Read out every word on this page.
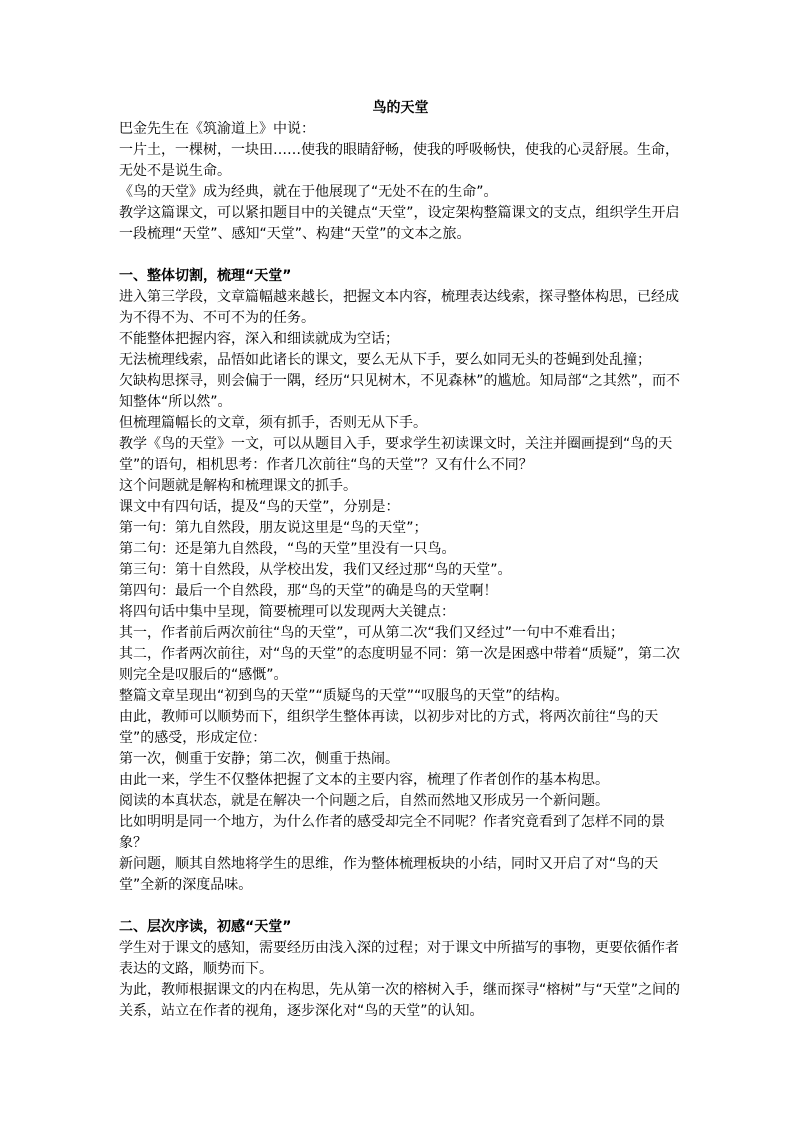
鸟的天堂

巴金先生在《筑渝道上》中说：

一片土，一棵树，一块田……使我的眼睛舒畅，使我的呼吸畅快，使我的心灵舒展。生命，无处不是说生命。

《鸟的天堂》成为经典，就在于他展现了“无处不在的生命”。

教学这篇课文，可以紧扣题目中的关键点“天堂”，设定架构整篇课文的支点，组织学生开启一段梳理“天堂”、感知“天堂”、构建“天堂”的文本之旅。

一、整体切割，梳理“天堂”

进入第三学段，文章篇幅越来越长，把握文本内容，梳理表达线索，探寻整体构思，已经成为不得不为、不可不为的任务。

不能整体把握内容，深入和细读就成为空话；

无法梳理线索，品悟如此诸长的课文，要么无从下手，要么如同无头的苍蝇到处乱撞；

欠缺构思探寻，则会偏于一隅，经历“只见树木，不见森林”的尴尬。知局部“之其然”，而不知整体“所以然”。

但梳理篇幅长的文章，须有抓手，否则无从下手。

教学《鸟的天堂》一文，可以从题目入手，要求学生初读课文时，关注并圈画提到“鸟的天堂”的语句，相机思考：作者几次前往“鸟的天堂”？又有什么不同？

这个问题就是解构和梳理课文的抓手。

课文中有四句话，提及“鸟的天堂”，分别是：

第一句：第九自然段，朋友说这里是“鸟的天堂”；

第二句：还是第九自然段，“鸟的天堂”里没有一只鸟。

第三句：第十自然段，从学校出发，我们又经过那“鸟的天堂”。

第四句：最后一个自然段，那“鸟的天堂”的确是鸟的天堂啊！

将四句话中集中呈现，简要梳理可以发现两大关键点：

其一，作者前后两次前往“鸟的天堂”，可从第二次“我们又经过”一句中不难看出；

其二，作者两次前往，对“鸟的天堂”的态度明显不同：第一次是困惑中带着“质疑”，第二次则完全是叹服后的“感慨”。

整篇文章呈现出“初到鸟的天堂”“质疑鸟的天堂”“叹服鸟的天堂”的结构。

由此，教师可以顺势而下，组织学生整体再读，以初步对比的方式，将两次前往“鸟的天堂”的感受，形成定位：

第一次，侧重于安静；第二次，侧重于热闹。

由此一来，学生不仅整体把握了文本的主要内容，梳理了作者创作的基本构思。

阅读的本真状态，就是在解决一个问题之后，自然而然地又形成另一个新问题。

比如明明是同一个地方，为什么作者的感受却完全不同呢？作者究竟看到了怎样不同的景象？

新问题，顺其自然地将学生的思维，作为整体梳理板块的小结，同时又开启了对“鸟的天堂”全新的深度品味。

二、层次序读，初感“天堂”

学生对于课文的感知，需要经历由浅入深的过程；对于课文中所描写的事物，更要依循作者表达的文路，顺势而下。

为此，教师根据课文的内在构思，先从第一次的榕树入手，继而探寻“榕树”与“天堂”之间的关系，站立在作者的视角，逐步深化对“鸟的天堂”的认知。
